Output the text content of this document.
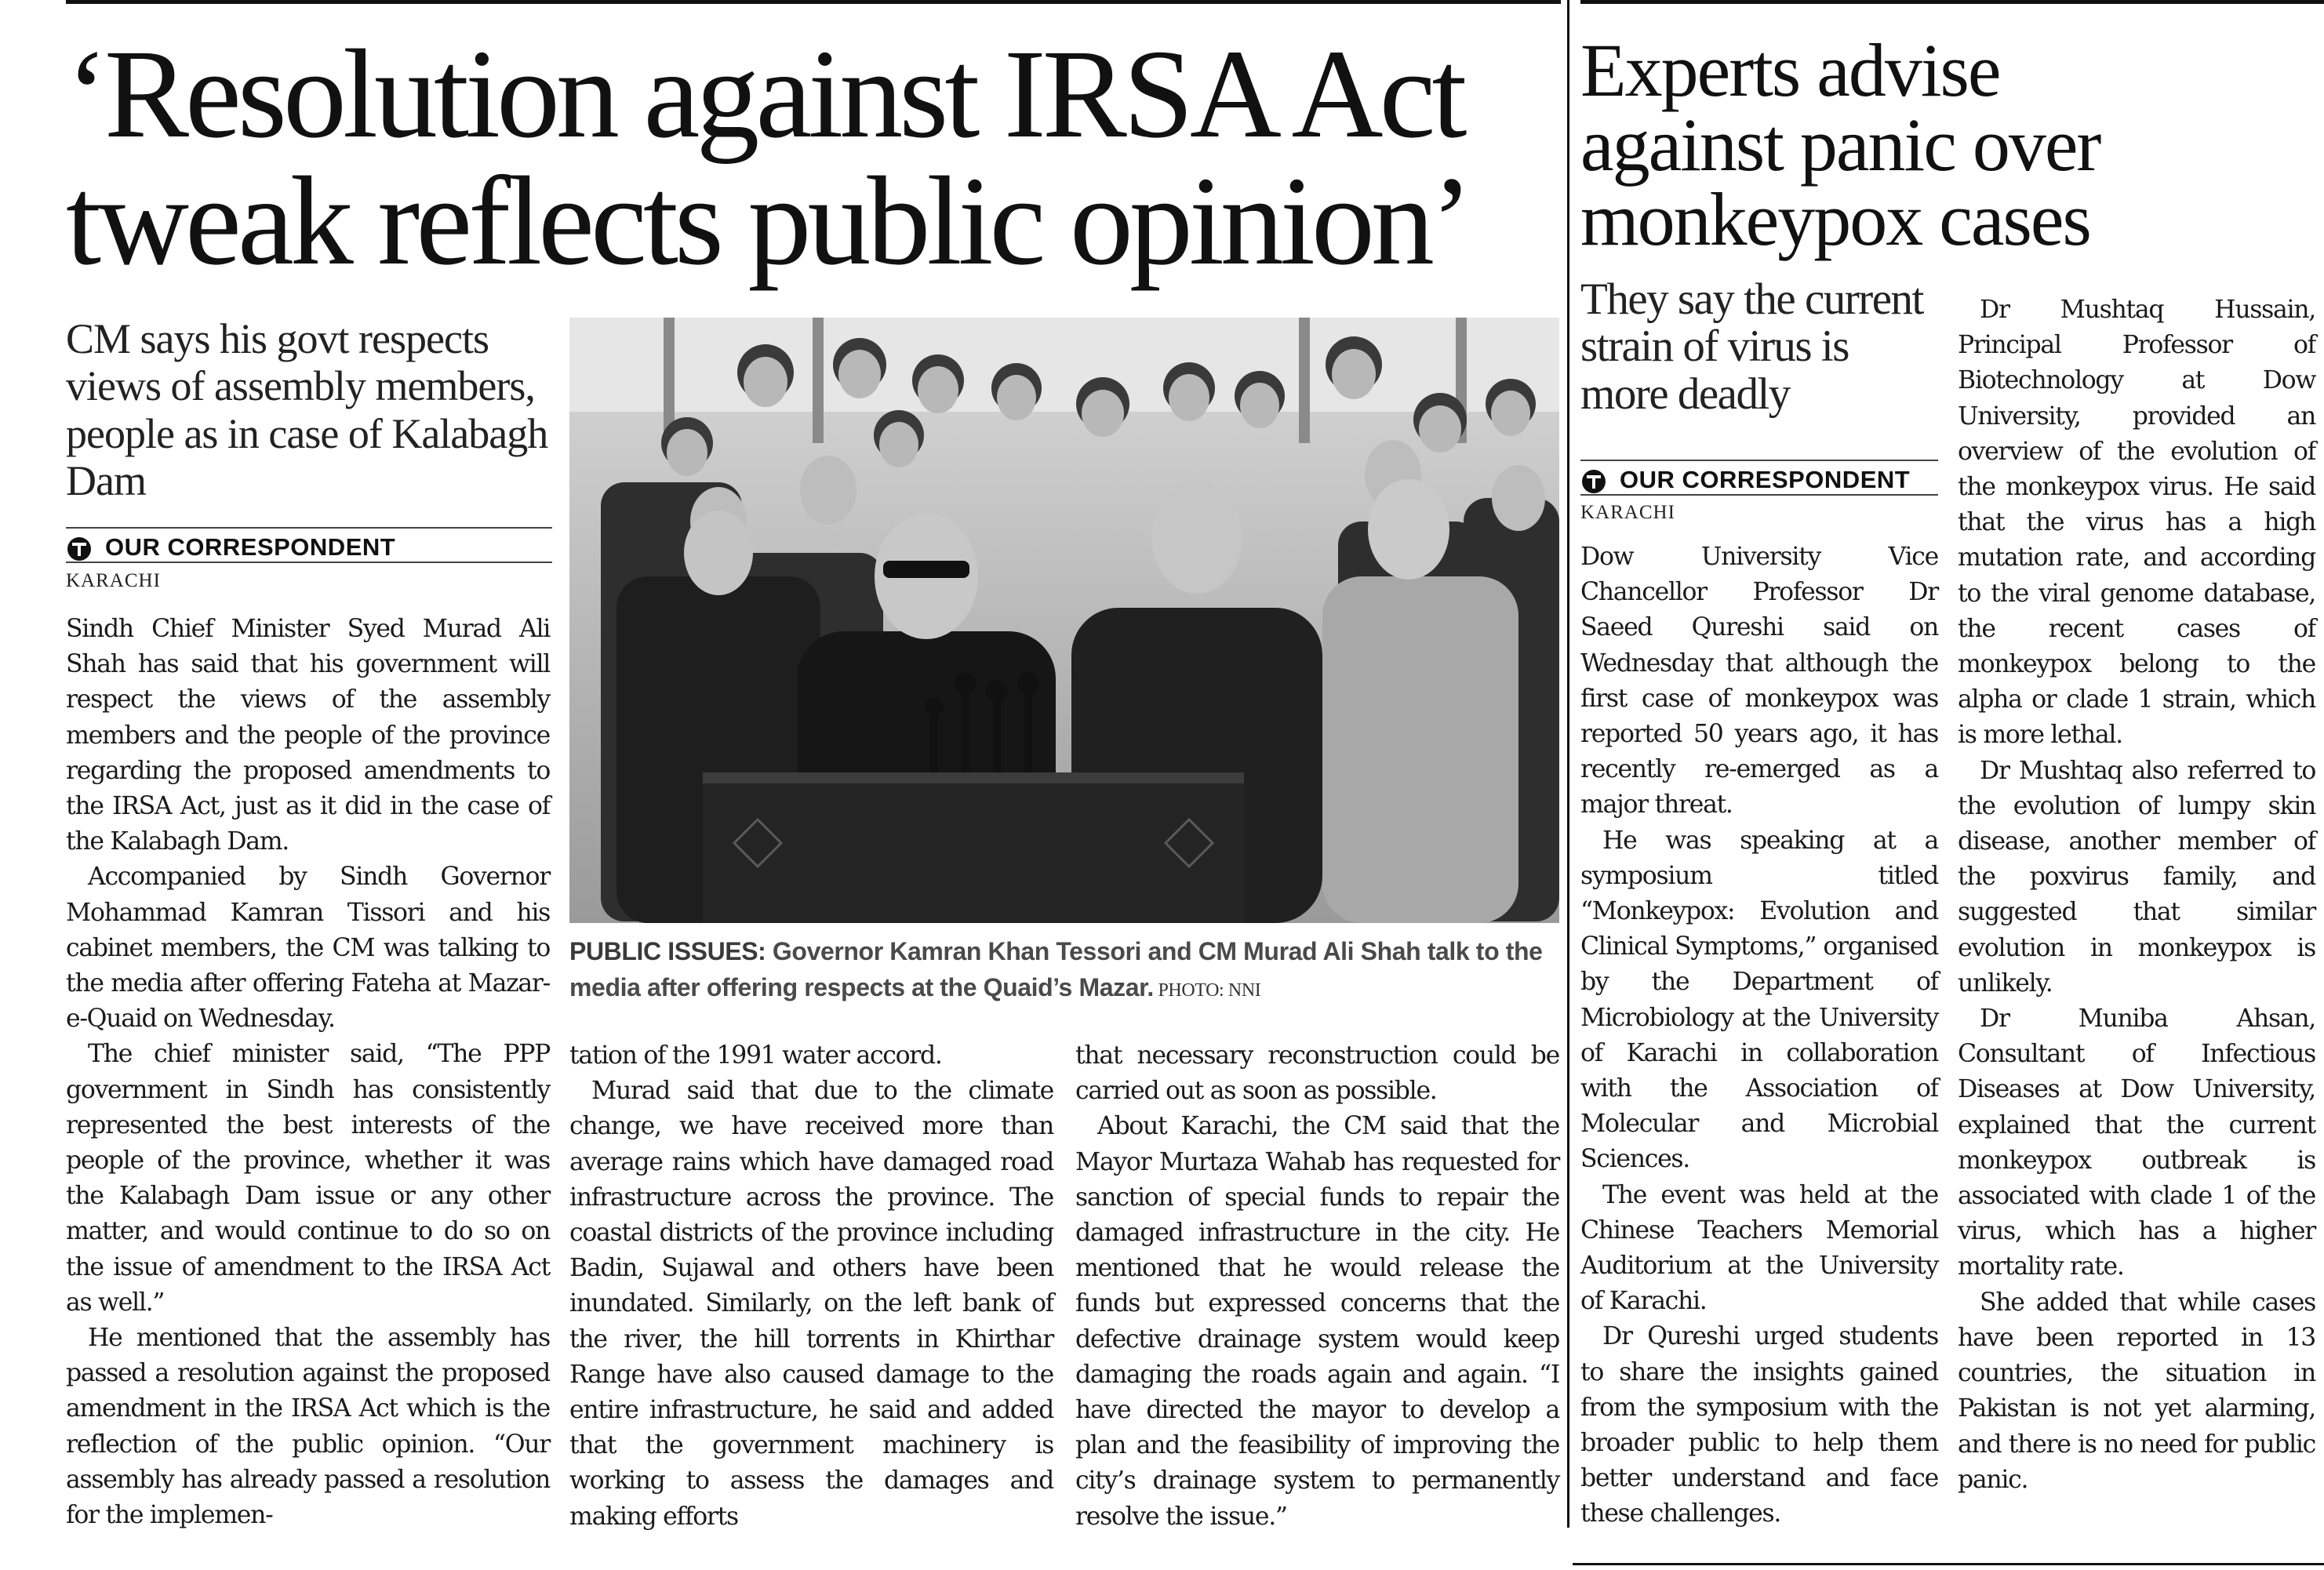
‘Resolution against IRSA Act
tweak reflects public opinion’
CM says his govt respects views of assembly members, people as in case of Kalabagh Dam
OUR CORRESPONDENT
KARACHI

Sindh Chief Minister Syed Murad Ali Shah has said that his government will respect the views of the assembly members and the people of the province regarding the proposed amendments to the IRSA Act, just as it did in the case of the Kalabagh Dam.

Accompanied by Sindh Governor Mohammad Kamran Tissori and his cabinet members, the CM was talking to the media after offering Fateha at Mazar-e-Quaid on Wednesday.

The chief minister said, “The PPP government in Sindh has consistently represented the best interests of the people of the province, whether it was the Kalabagh Dam issue or any other matter, and would continue to do so on the issue of amendment to the IRSA Act as well.”

He mentioned that the assembly has passed a resolution against the proposed amendment in the IRSA Act which is the reflection of the public opinion. “Our assembly has already passed a resolution for the implemen-

tation of the 1991 water accord.

Murad said that due to the climate change, we have received more than average rains which have damaged road infrastructure across the province. The coastal districts of the province including Badin, Sujawal and others have been inundated. Similarly, on the left bank of the river, the hill torrents in Khirthar Range have also caused damage to the entire infrastructure, he said and added that the government machinery is working to assess the damages and making efforts

that necessary reconstruction could be carried out as soon as possible.

About Karachi, the CM said that the Mayor Murtaza Wahab has requested for sanction of special funds to repair the damaged infrastructure in the city. He mentioned that he would release the funds but expressed concerns that the defective drainage system would keep damaging the roads again and again. “I have directed the mayor to develop a plan and the feasibility of improving the city’s drainage system to permanently resolve the issue.”

PUBLIC ISSUES: Governor Kamran Khan Tessori and CM Murad Ali Shah talk to the media after offering respects at the Quaid’s Mazar. PHOTO: NNI
Experts advise
against panic over
monkeypox cases
They say the current strain of virus is more deadly
OUR CORRESPONDENT
KARACHI

Dow University Vice Chancellor Professor Dr Saeed Qureshi said on Wednesday that although the first case of monkeypox was reported 50 years ago, it has recently re-emerged as a major threat.

He was speaking at a symposium titled “Monkeypox: Evolution and Clinical Symptoms,” organised by the Department of Microbiology at the University of Karachi in collaboration with the Association of Molecular and Microbial Sciences.

The event was held at the Chinese Teachers Memorial Auditorium at the University of Karachi.

Dr Qureshi urged students to share the insights gained from the symposium with the broader public to help them better understand and face these challenges.

Dr Mushtaq Hussain, Principal Professor of Biotechnology at Dow University, provided an overview of the evolution of the monkeypox virus. He said that the virus has a high mutation rate, and according to the viral genome database, the recent cases of monkeypox belong to the alpha or clade 1 strain, which is more lethal.

Dr Mushtaq also referred to the evolution of lumpy skin disease, another member of the poxvirus family, and suggested that similar evolution in monkeypox is unlikely.

Dr Muniba Ahsan, Consultant of Infectious Diseases at Dow University, explained that the current monkeypox outbreak is associated with clade 1 of the virus, which has a higher mortality rate.

She added that while cases have been reported in 13 countries, the situation in Pakistan is not yet alarming, and there is no need for public panic.
